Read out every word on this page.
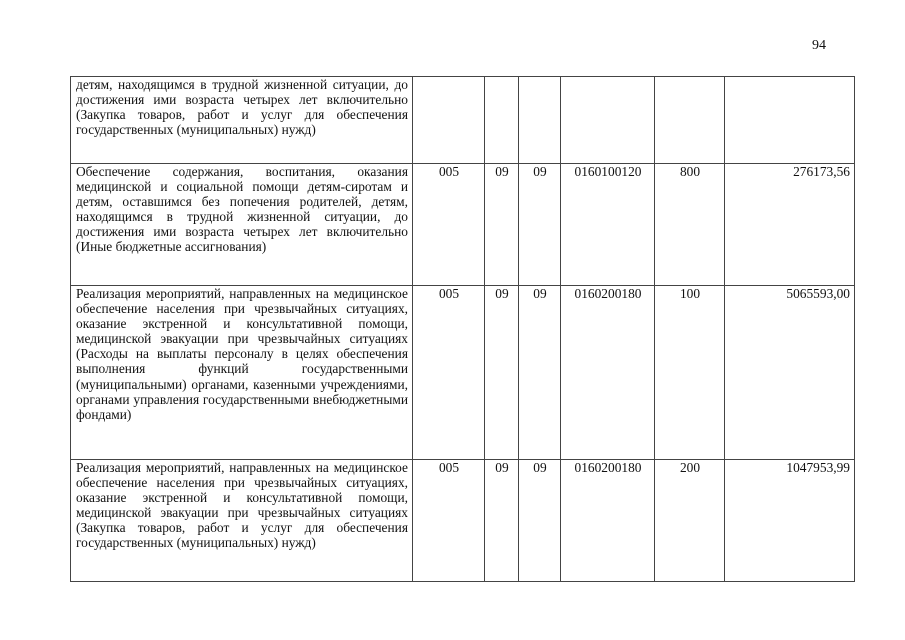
94
детям, находящимся в трудной жизненной ситуации, до достижения ими возраста четырех лет включительно (Закупка товаров, работ и услуг для обеспечения государственных (муниципальных) нужд)						
Обеспечение содержания, воспитания, оказания медицинской и социальной помощи детям-сиротам и детям, оставшимся без попечения родителей, детям, находящимся в трудной жизненной ситуации, до достижения ими возраста четырех лет включительно (Иные бюджетные ассигнования)	005	09	09	0160100120	800	276173,56
Реализация мероприятий, направленных на медицинское обеспечение населения при чрезвычайных ситуациях, оказание экстренной и консультативной помощи, медицинской эвакуации при чрезвычайных ситуациях (Расходы на выплаты персоналу в целях обеспечения выполнения функций государственными (муниципальными) органами, казенными учреждениями, органами управления государственными внебюджетными фондами)	005	09	09	0160200180	100	5065593,00
Реализация мероприятий, направленных на медицинское обеспечение населения при чрезвычайных ситуациях, оказание экстренной и консультативной помощи, медицинской эвакуации при чрезвычайных ситуациях (Закупка товаров, работ и услуг для обеспечения государственных (муниципальных) нужд)	005	09	09	0160200180	200	1047953,99
